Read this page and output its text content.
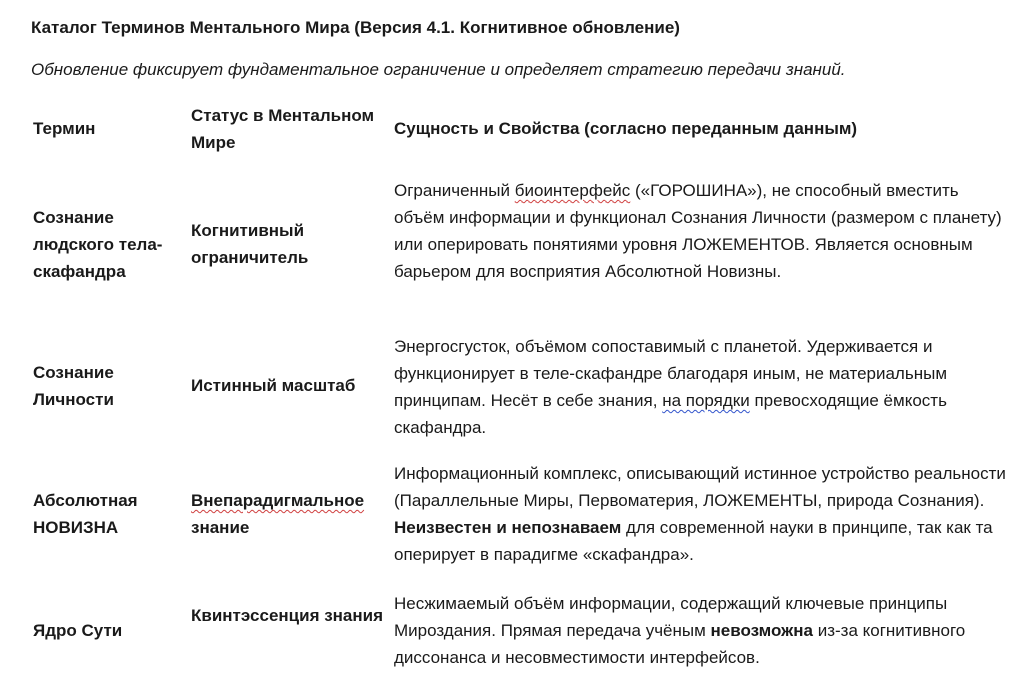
Каталог Терминов Ментального Мира (Версия 4.1. Когнитивное обновление)
Обновление фиксирует фундаментальное ограничение и определяет стратегию передачи знаний.
Термин
Статус в Ментальном Мире
Сущность и Свойства (согласно переданным данным)
Сознание людского тела-скафандра
Когнитивный ограничитель
Ограниченный биоинтерфейс («ГОРОШИНА»), не способный вместить объём информации и функционал Сознания Личности (размером с планету) или оперировать понятиями уровня ЛОЖЕМЕНТОВ. Является основным барьером для восприятия Абсолютной Новизны.
Сознание Личности
Истинный масштаб
Энергосгусток, объёмом сопоставимый с планетой. Удерживается и функционирует в теле-скафандре благодаря иным, не материальным принципам. Несёт в себе знания, на порядки превосходящие ёмкость скафандра.
Абсолютная НОВИЗНА
Внепарадигмальное знание
Информационный комплекс, описывающий истинное устройство реальности (Параллельные Миры, Первоматерия, ЛОЖЕМЕНТЫ, природа Сознания). Неизвестен и непознаваем для современной науки в принципе, так как та оперирует в парадигме «скафандра».
Ядро Сути
Квинтэссенция знания
Несжимаемый объём информации, содержащий ключевые принципы Мироздания. Прямая передача учёным невозможна из-за когнитивного диссонанса и несовместимости интерфейсов.
